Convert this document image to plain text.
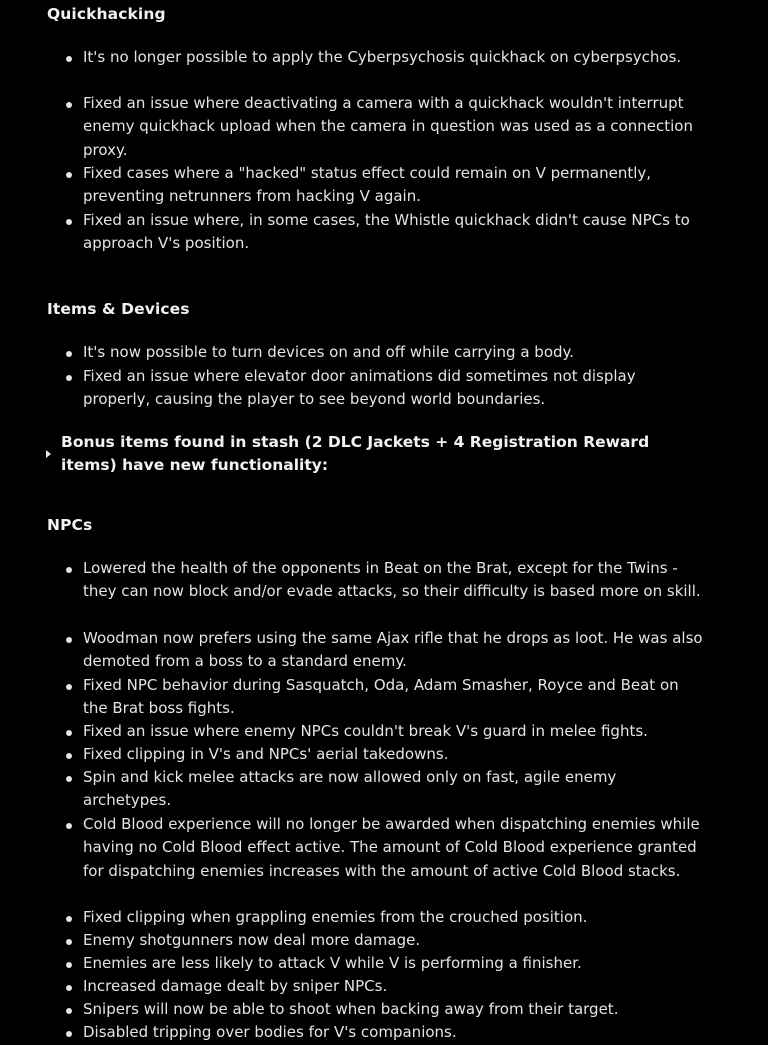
Quickhacking
It's no longer possible to apply the Cyberpsychosis quickhack on cyberpsychos.
Fixed an issue where deactivating a camera with a quickhack wouldn't interrupt enemy quickhack upload when the camera in question was used as a connection proxy.
Fixed cases where a "hacked" status effect could remain on V permanently, preventing netrunners from hacking V again.
Fixed an issue where, in some cases, the Whistle quickhack didn't cause NPCs to approach V's position.
Items & Devices
It's now possible to turn devices on and off while carrying a body.
Fixed an issue where elevator door animations did sometimes not display properly, causing the player to see beyond world boundaries.
Bonus items found in stash (2 DLC Jackets + 4 Registration Reward items) have new functionality:
NPCs
Lowered the health of the opponents in Beat on the Brat, except for the Twins - they can now block and/or evade attacks, so their difficulty is based more on skill.
Woodman now prefers using the same Ajax rifle that he drops as loot. He was also demoted from a boss to a standard enemy.
Fixed NPC behavior during Sasquatch, Oda, Adam Smasher, Royce and Beat on the Brat boss fights.
Fixed an issue where enemy NPCs couldn't break V's guard in melee fights.
Fixed clipping in V's and NPCs' aerial takedowns.
Spin and kick melee attacks are now allowed only on fast, agile enemy archetypes.
Cold Blood experience will no longer be awarded when dispatching enemies while having no Cold Blood effect active. The amount of Cold Blood experience granted for dispatching enemies increases with the amount of active Cold Blood stacks.
Fixed clipping when grappling enemies from the crouched position.
Enemy shotgunners now deal more damage.
Enemies are less likely to attack V while V is performing a finisher.
Increased damage dealt by sniper NPCs.
Snipers will now be able to shoot when backing away from their target.
Disabled tripping over bodies for V's companions.
